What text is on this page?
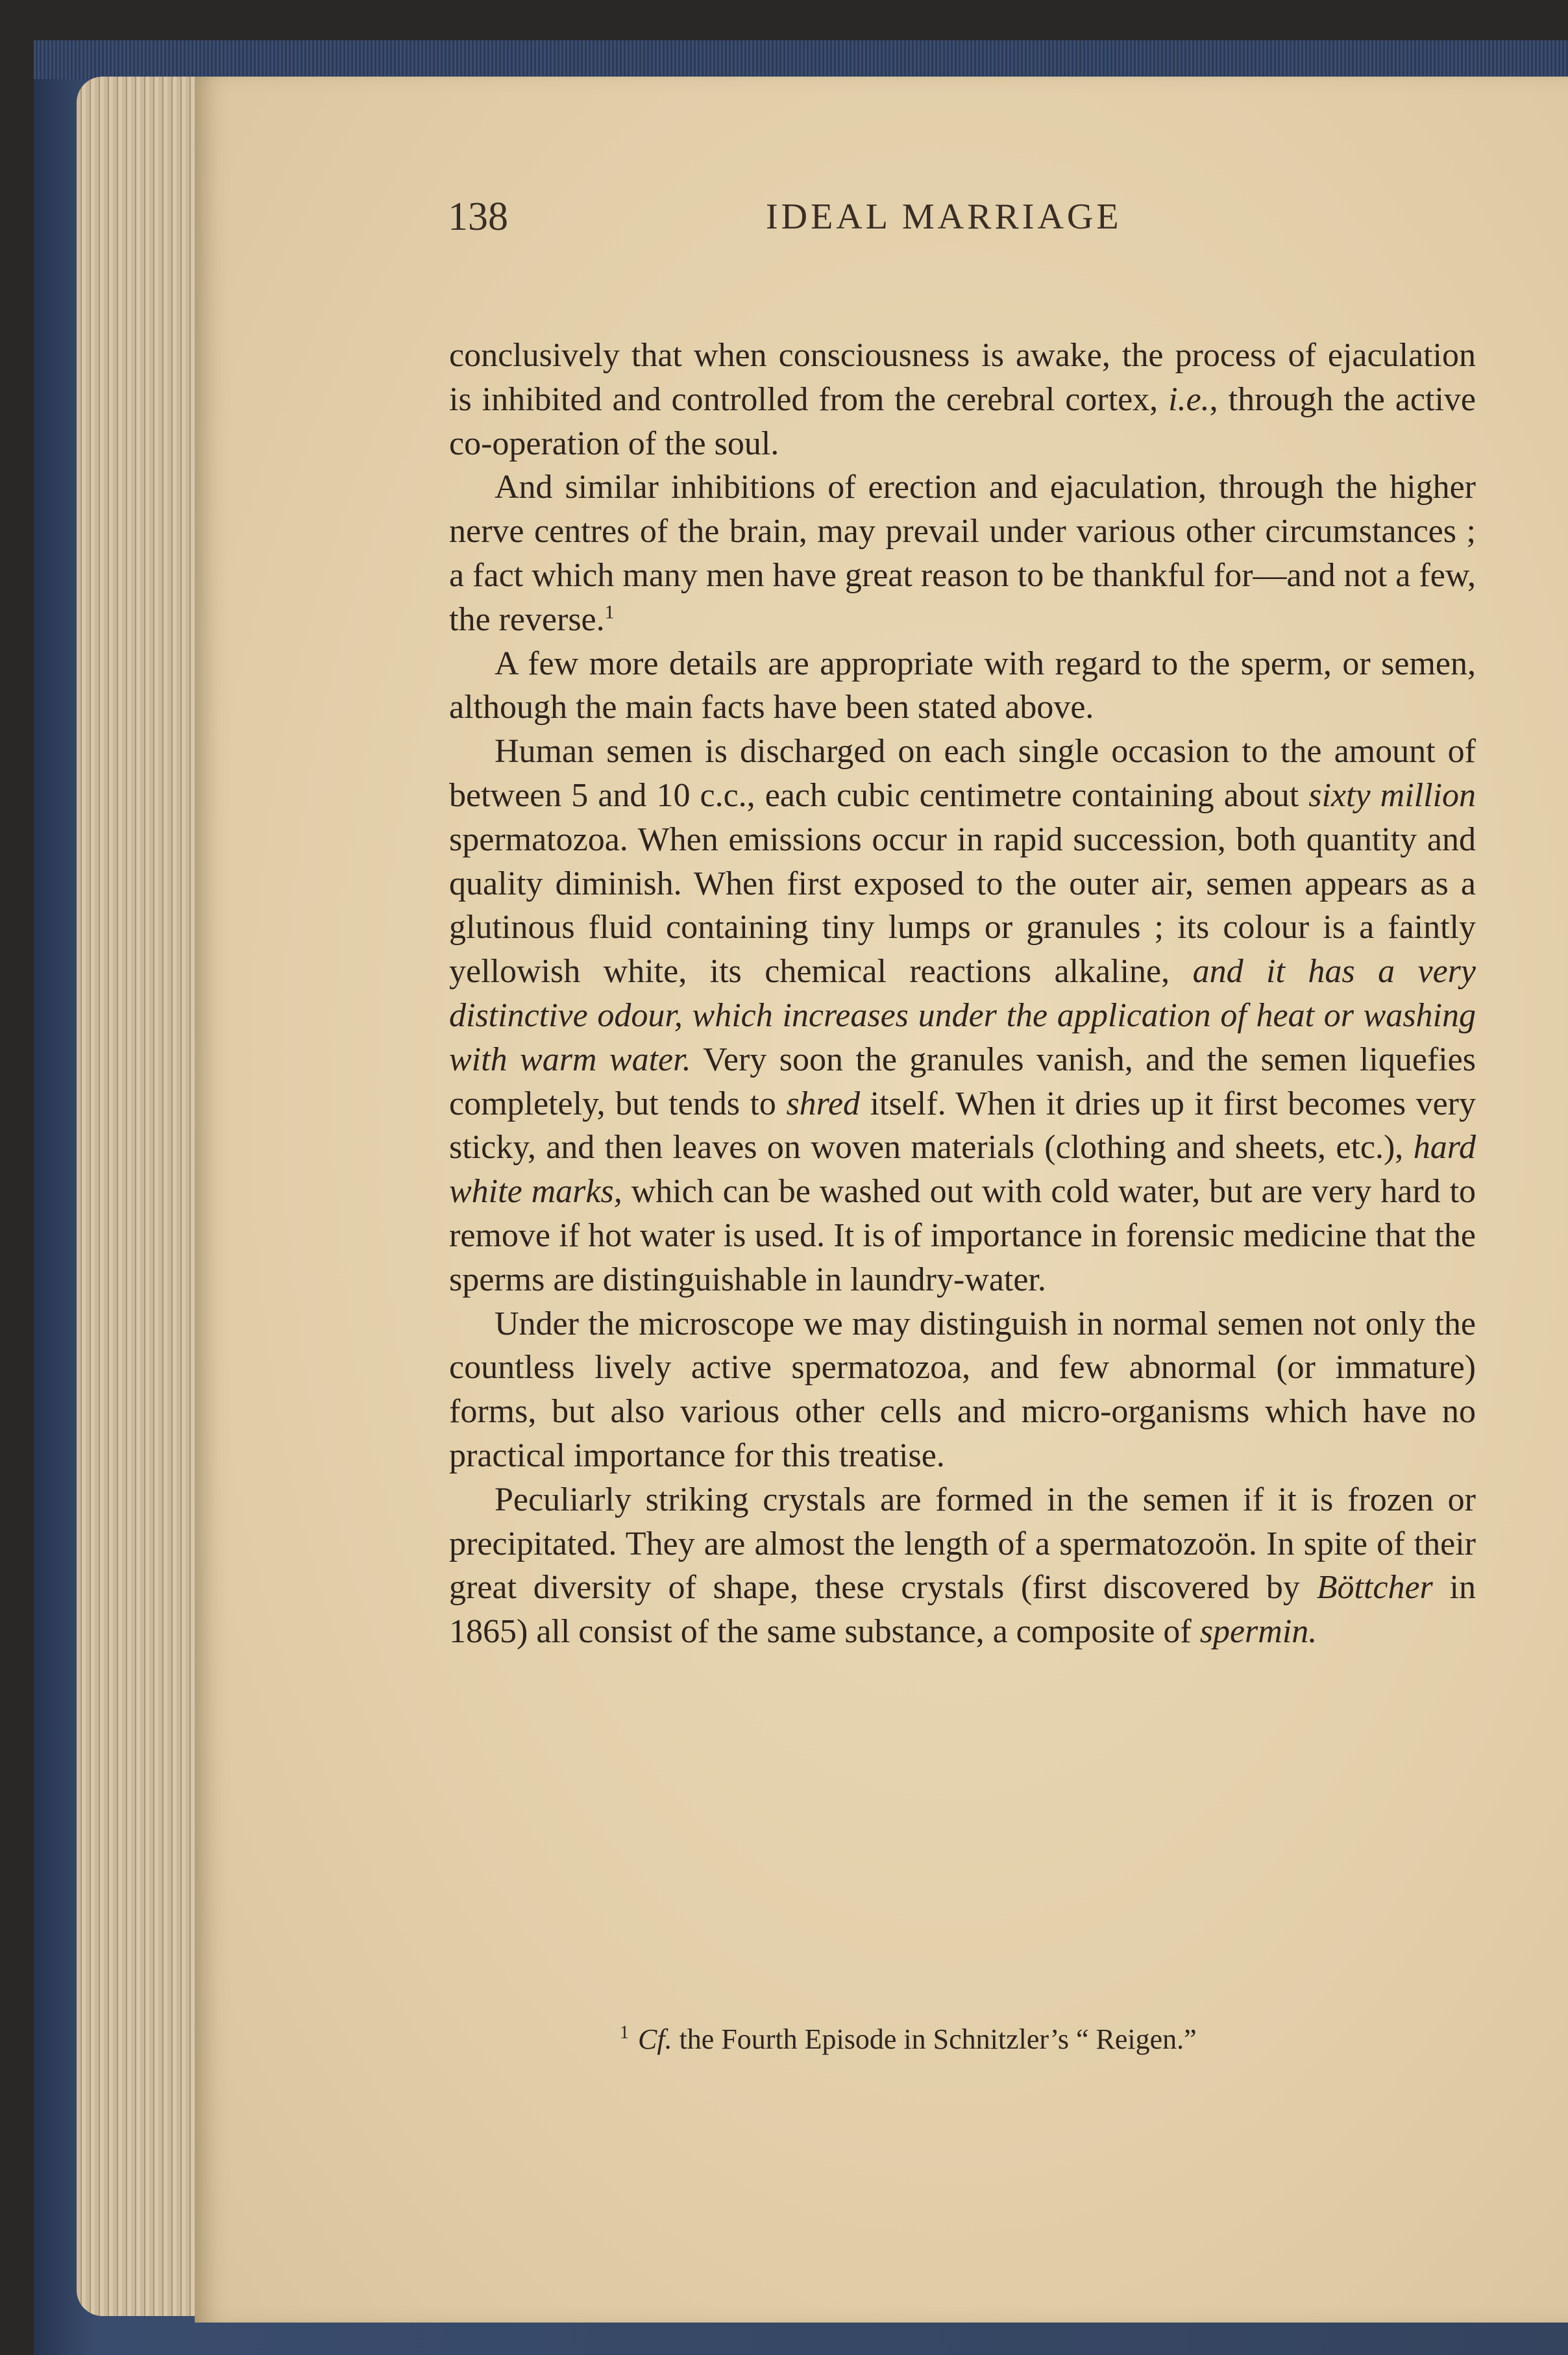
138	IDEAL MARRIAGE

conclusively that when consciousness is awake, the process of ejaculation is inhibited and controlled from the cerebral cortex, i.e., through the active co-operation of the soul.

And similar inhibitions of erection and ejaculation, through the higher nerve centres of the brain, may prevail under various other circumstances ; a fact which many men have great reason to be thankful for—and not a few, the reverse.$^1$

A few more details are appropriate with regard to the sperm, or semen, although the main facts have been stated above.

Human semen is discharged on each single occasion to the amount of between 5 and 10 c.c., each cubic centimetre containing about sixty million spermatozoa. When emissions occur in rapid succession, both quantity and quality diminish. When first exposed to the outer air, semen appears as a glutinous fluid containing tiny lumps or granules ; its colour is a faintly yellowish white, its chemical reactions alkaline, and it has a very distinctive odour, which increases under the application of heat or washing with warm water. Very soon the granules vanish, and the semen liquefies completely, but tends to shred itself. When it dries up it first becomes very sticky, and then leaves on woven materials (clothing and sheets, etc.), hard white marks, which can be washed out with cold water, but are very hard to remove if hot water is used. It is of importance in forensic medicine that the sperms are distinguishable in laundry-water.

Under the microscope we may distinguish in normal semen not only the countless lively active spermatozoa, and few abnormal (or immature) forms, but also various other cells and micro-organisms which have no practical importance for this treatise.

Peculiarly striking crystals are formed in the semen if it is frozen or precipitated. They are almost the length of a spermatozoön. In spite of their great diversity of shape, these crystals (first discovered by Böttcher in 1865) all consist of the same substance, a composite of spermin.

$^1$ Cf. the Fourth Episode in Schnitzler’s “ Reigen.”
